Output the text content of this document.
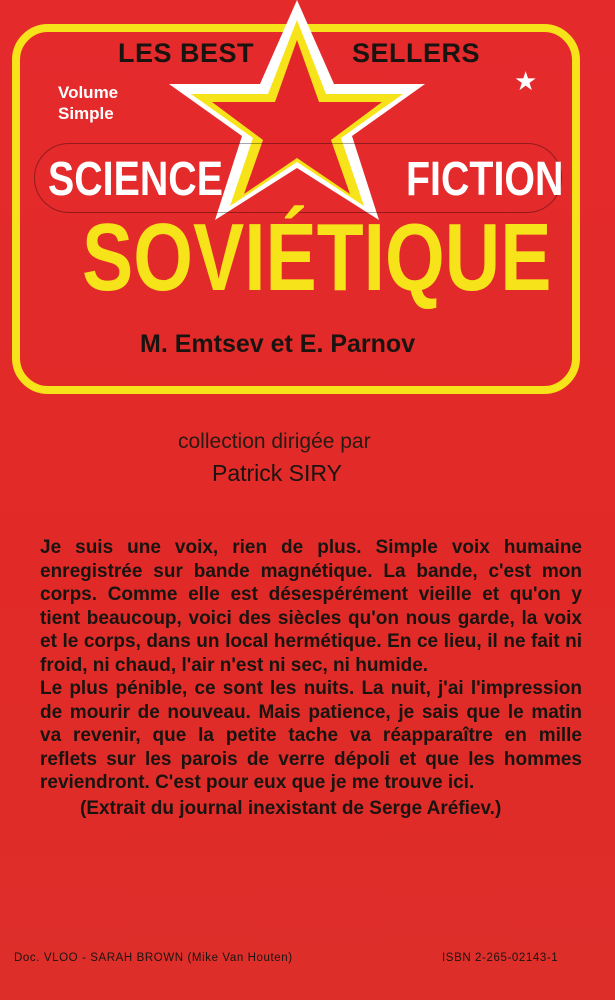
LES BEST	SELLERS

Volume
Simple

★

SCIENCE	FICTION

SOVIÉTIQUE

M. Emtsev et E. Parnov

collection dirigée par

Patrick SIRY

Je suis une voix, rien de plus. Simple voix humaine enregistrée sur bande magnétique. La bande, c'est mon corps. Comme elle est désespérément vieille et qu'on y tient beaucoup, voici des siècles qu'on nous garde, la voix et le corps, dans un local hermétique. En ce lieu, il ne fait ni froid, ni chaud, l'air n'est ni sec, ni humide.

Le plus pénible, ce sont les nuits. La nuit, j'ai l'impression de mourir de nouveau. Mais patience, je sais que le matin va revenir, que la petite tache va réapparaître en mille reflets sur les parois de verre dépoli et que les hommes reviendront. C'est pour eux que je me trouve ici.

(Extrait du journal inexistant de Serge Aréfiev.)

Doc. VLOO - SARAH BROWN (Mike Van Houten)	ISBN 2-265-02143-1
